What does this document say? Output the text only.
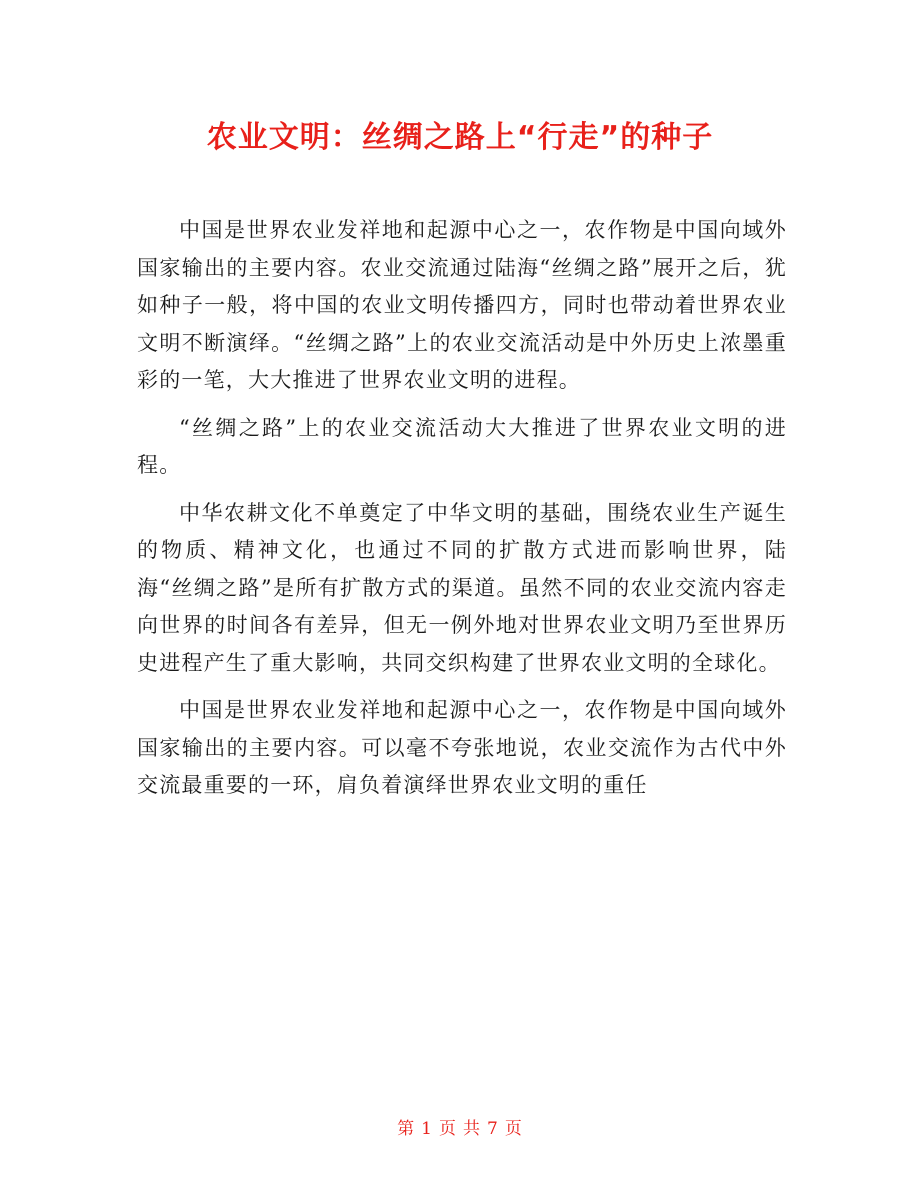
农业文明：丝绸之路上“行走”的种子

中国是世界农业发祥地和起源中心之一，农作物是中国向域外国家输出的主要内容。农业交流通过陆海“丝绸之路”展开之后，犹如种子一般，将中国的农业文明传播四方，同时也带动着世界农业文明不断演绎。“丝绸之路”上的农业交流活动是中外历史上浓墨重彩的一笔，大大推进了世界农业文明的进程。

“丝绸之路”上的农业交流活动大大推进了世界农业文明的进程。

中华农耕文化不单奠定了中华文明的基础，围绕农业生产诞生的物质、精神文化，也通过不同的扩散方式进而影响世界，陆海“丝绸之路”是所有扩散方式的渠道。虽然不同的农业交流内容走向世界的时间各有差异，但无一例外地对世界农业文明乃至世界历史进程产生了重大影响，共同交织构建了世界农业文明的全球化。

中国是世界农业发祥地和起源中心之一，农作物是中国向域外国家输出的主要内容。可以毫不夸张地说，农业交流作为古代中外交流最重要的一环，肩负着演绎世界农业文明的重任

第 1 页 共 7 页
